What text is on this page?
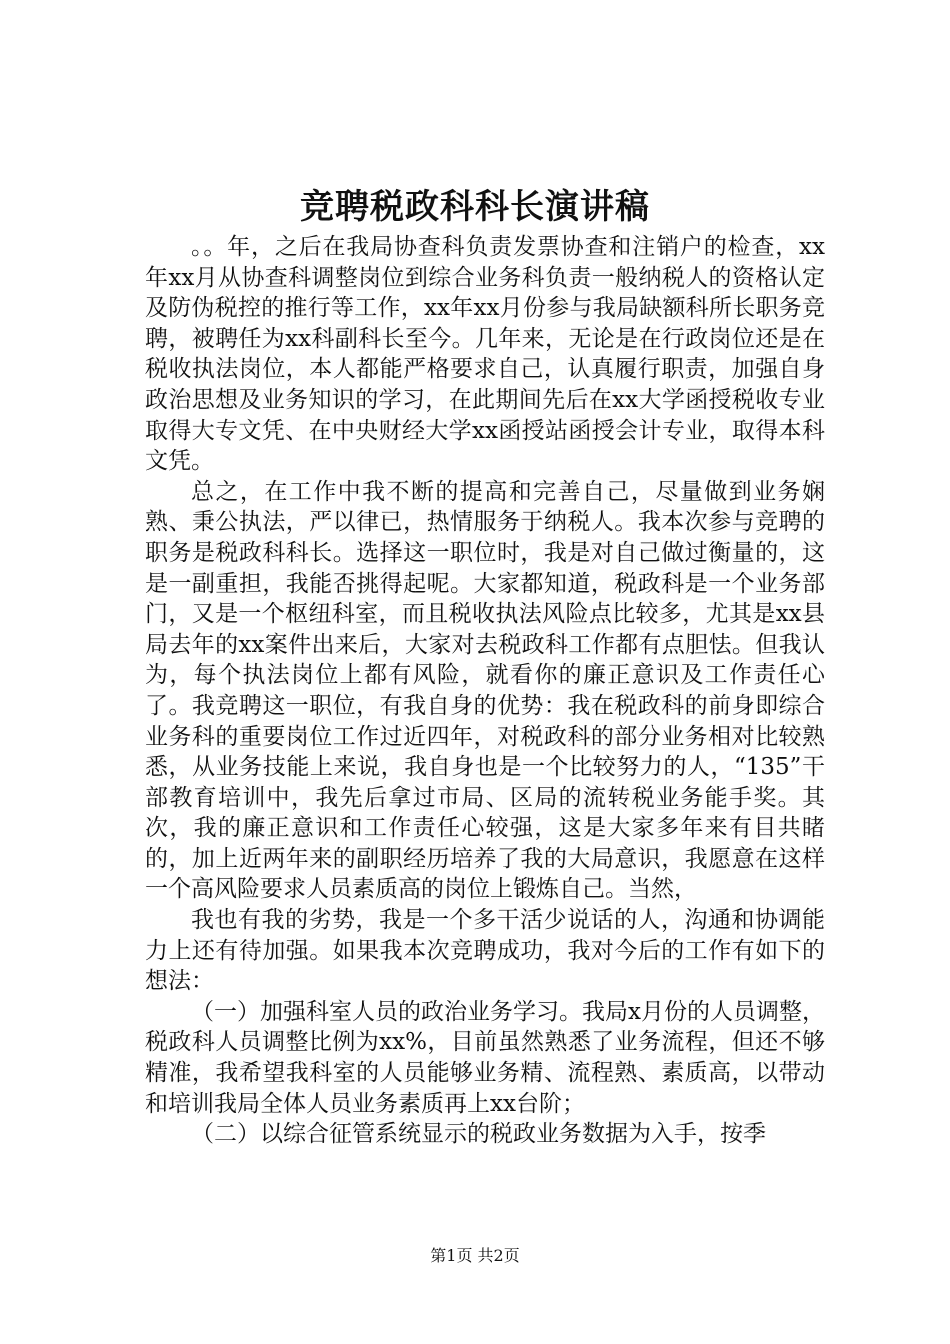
竞聘税政科科长演讲稿

。。年，之后在我局协查科负责发票协查和注销户的检查，xx年xx月从协查科调整岗位到综合业务科负责一般纳税人的资格认定及防伪税控的推行等工作，xx年xx月份参与我局缺额科所长职务竞聘，被聘任为xx科副科长至今。几年来，无论是在行政岗位还是在税收执法岗位，本人都能严格要求自己，认真履行职责，加强自身政治思想及业务知识的学习，在此期间先后在xx大学函授税收专业取得大专文凭、在中央财经大学xx函授站函授会计专业，取得本科文凭。

总之，在工作中我不断的提高和完善自己，尽量做到业务娴熟、秉公执法，严以律已，热情服务于纳税人。我本次参与竞聘的职务是税政科科长。选择这一职位时，我是对自己做过衡量的，这是一副重担，我能否挑得起呢。大家都知道，税政科是一个业务部门，又是一个枢纽科室，而且税收执法风险点比较多，尤其是xx县局去年的xx案件出来后，大家对去税政科工作都有点胆怯。但我认为，每个执法岗位上都有风险，就看你的廉正意识及工作责任心了。我竞聘这一职位，有我自身的优势：我在税政科的前身即综合业务科的重要岗位工作过近四年，对税政科的部分业务相对比较熟悉，从业务技能上来说，我自身也是一个比较努力的人，“135”干部教育培训中，我先后拿过市局、区局的流转税业务能手奖。其次，我的廉正意识和工作责任心较强，这是大家多年来有目共睹的，加上近两年来的副职经历培养了我的大局意识，我愿意在这样一个高风险要求人员素质高的岗位上锻炼自己。当然，

我也有我的劣势，我是一个多干活少说话的人，沟通和协调能力上还有待加强。如果我本次竞聘成功，我对今后的工作有如下的想法：

（一）加强科室人员的政治业务学习。我局x月份的人员调整，税政科人员调整比例为xx%，目前虽然熟悉了业务流程，但还不够精准，我希望我科室的人员能够业务精、流程熟、素质高，以带动和培训我局全体人员业务素质再上xx台阶；

（二）以综合征管系统显示的税政业务数据为入手，按季

第1页 共2页
